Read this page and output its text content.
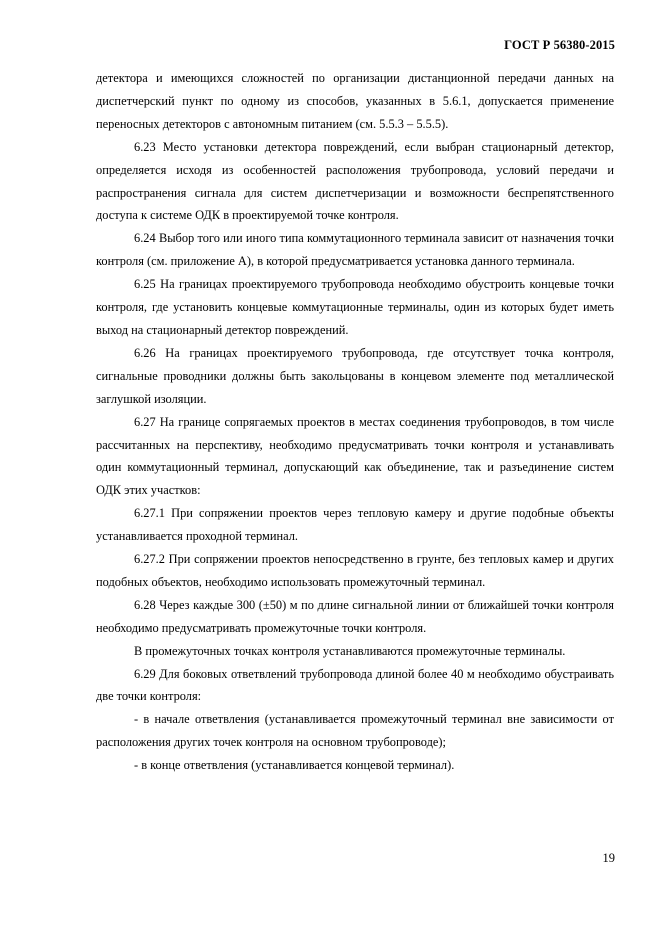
ГОСТ Р 56380-2015

детектора и имеющихся сложностей по организации дистанционной передачи данных на диспетчерский пункт по одному из способов, указанных в 5.6.1, допускается применение переносных детекторов с автономным питанием (см. 5.5.3 – 5.5.5).

6.23 Место установки детектора повреждений, если выбран стационарный детектор, определяется исходя из особенностей расположения трубопровода, условий передачи и распространения сигнала для систем диспетчеризации и возможности беспрепятственного доступа к системе ОДК в проектируемой точке контроля.

6.24 Выбор того или иного типа коммутационного терминала зависит от назначения точки контроля (см. приложение А), в которой предусматривается установка данного терминала.

6.25 На границах проектируемого трубопровода необходимо обустроить концевые точки контроля, где установить концевые коммутационные терминалы, один из которых будет иметь выход на стационарный детектор повреждений.

6.26 На границах проектируемого трубопровода, где отсутствует точка контроля, сигнальные проводники должны быть закольцованы в концевом элементе под металлической заглушкой изоляции.

6.27 На границе сопрягаемых проектов в местах соединения трубопроводов, в том числе рассчитанных на перспективу, необходимо предусматривать точки контроля и устанавливать один коммутационный терминал, допускающий как объединение, так и разъединение систем ОДК этих участков:

6.27.1 При сопряжении проектов через тепловую камеру и другие подобные объекты устанавливается проходной терминал.

6.27.2 При сопряжении проектов непосредственно в грунте, без тепловых камер и других подобных объектов, необходимо использовать промежуточный терминал.

6.28 Через каждые 300 (±50) м по длине сигнальной линии от ближайшей точки контроля необходимо предусматривать промежуточные точки контроля.

В промежуточных точках контроля устанавливаются промежуточные терминалы.

6.29 Для боковых ответвлений трубопровода длиной более 40 м необходимо обустраивать две точки контроля:

- в начале ответвления (устанавливается промежуточный терминал вне зависимости от расположения других точек контроля на основном трубопроводе);

- в конце ответвления (устанавливается концевой терминал).

19
